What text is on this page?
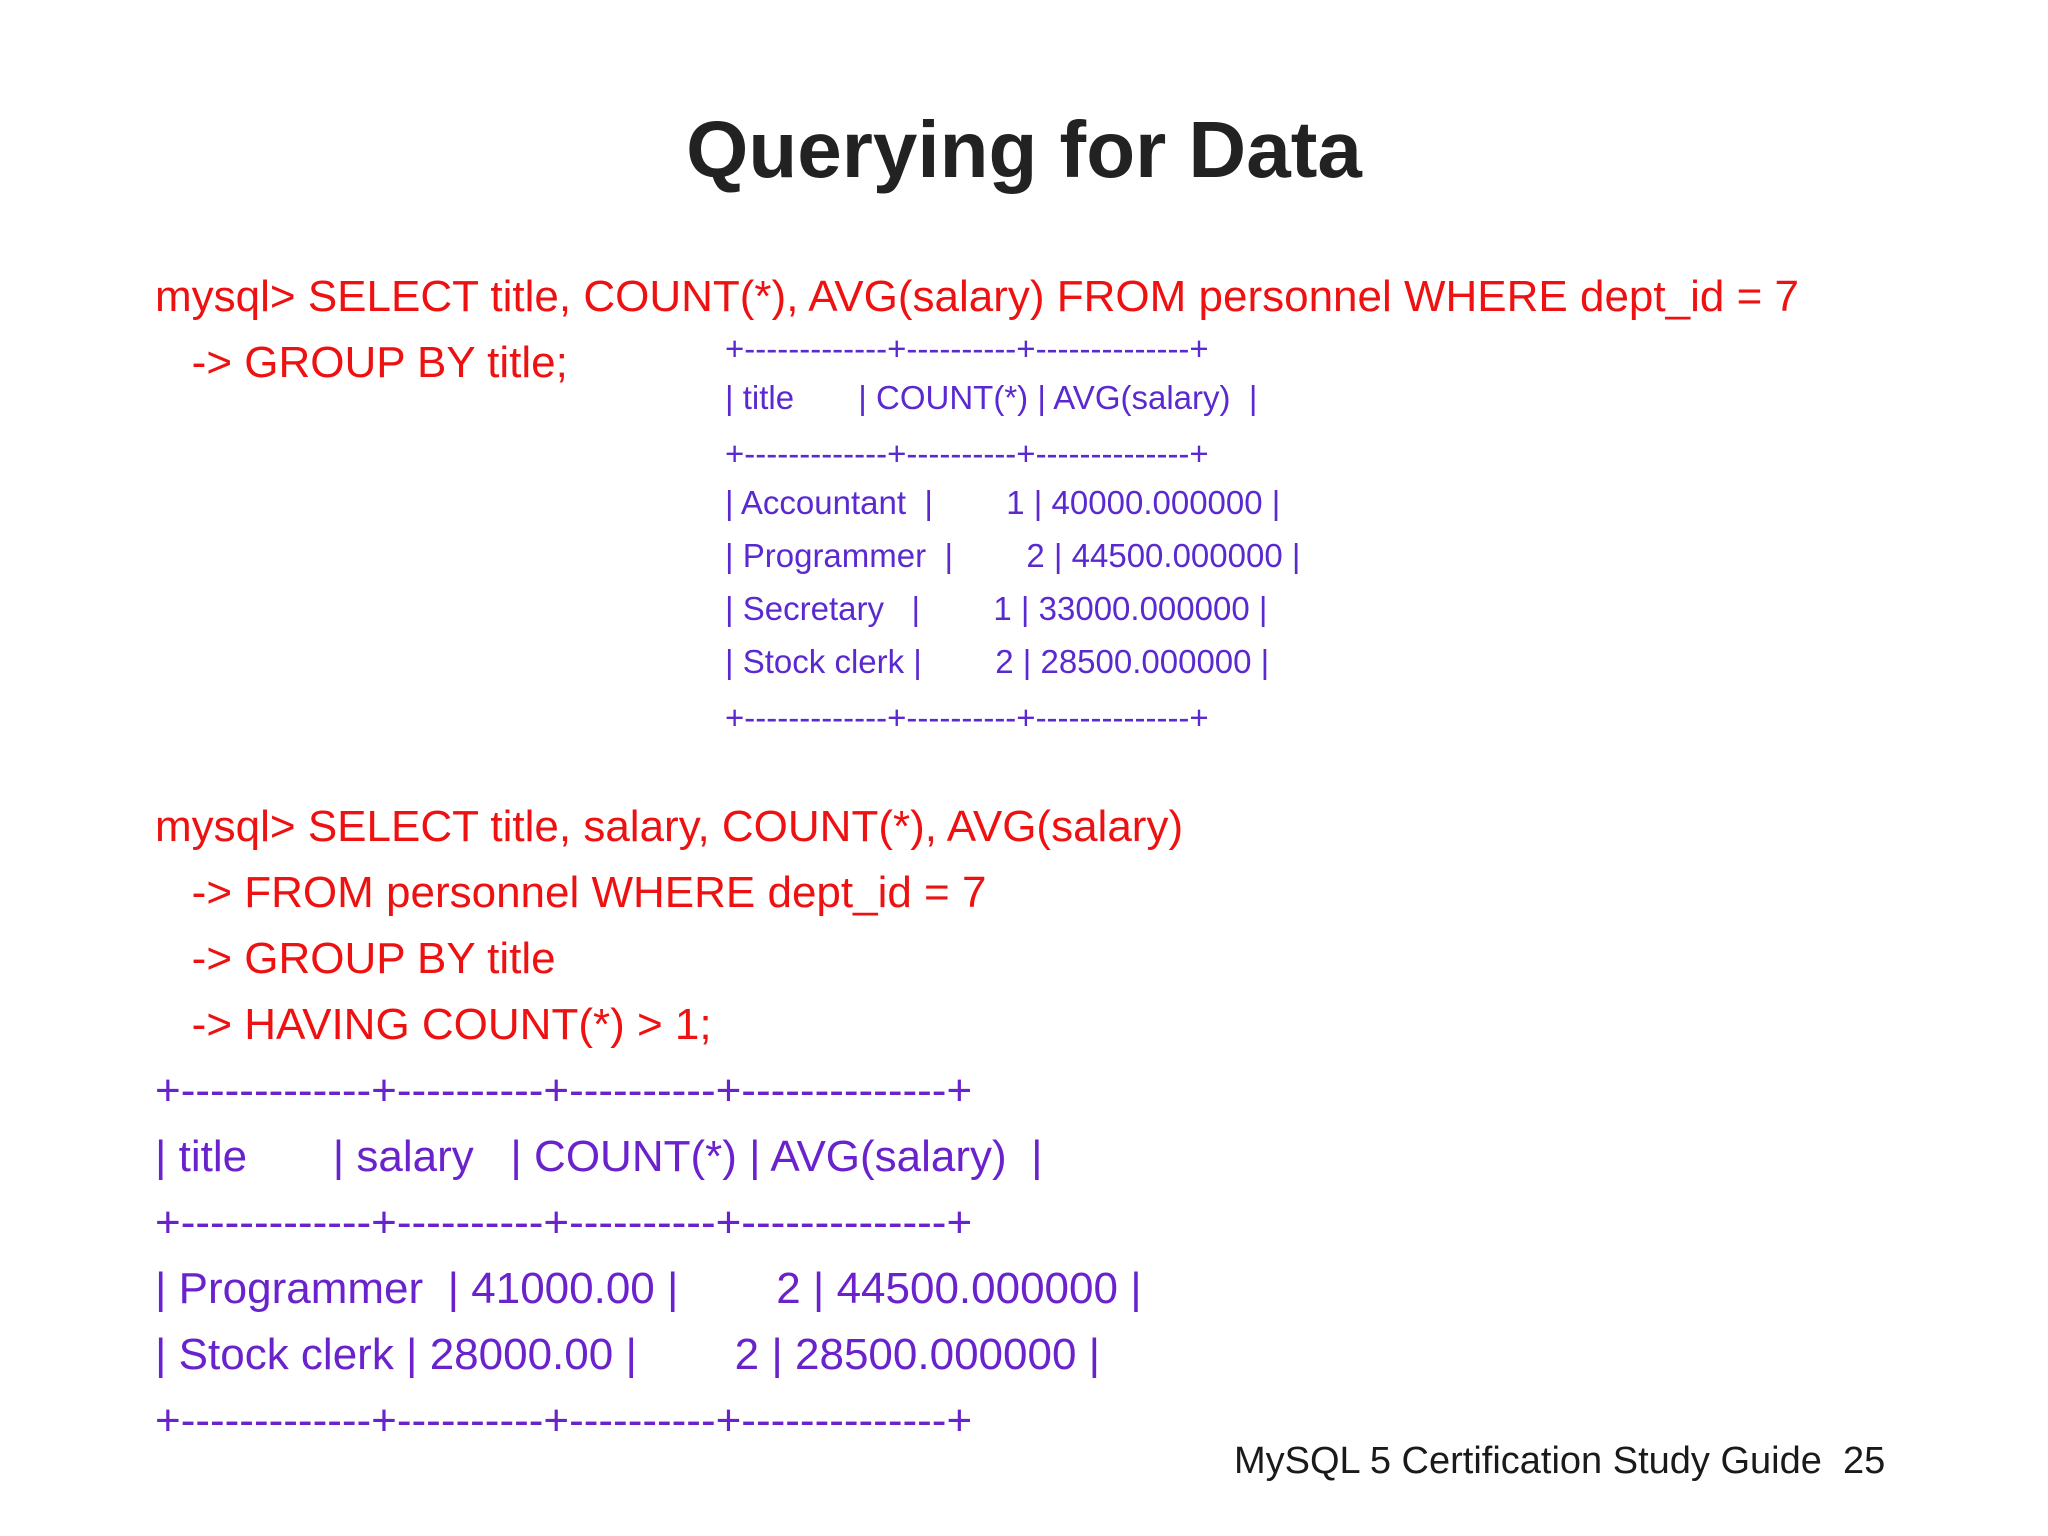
Querying for Data
mysql> SELECT title, COUNT(*), AVG(salary) FROM personnel WHERE dept_id = 7
-> GROUP BY title;	+-------------+----------+--------------+
| title       | COUNT(*) | AVG(salary)  |
+-------------+----------+--------------+
| Accountant  |        1 | 40000.000000 |
| Programmer  |        2 | 44500.000000 |
| Secretary   |        1 | 33000.000000 |
| Stock clerk |        2 | 28500.000000 |
+-------------+----------+--------------+
mysql> SELECT title, salary, COUNT(*), AVG(salary)
-> FROM personnel WHERE dept_id = 7
-> GROUP BY title
-> HAVING COUNT(*) > 1;
+-------------+----------+----------+--------------+
| title       | salary   | COUNT(*) | AVG(salary)  |
+-------------+----------+----------+--------------+
| Programmer  | 41000.00 |        2 | 44500.000000 |
| Stock clerk | 28000.00 |        2 | 28500.000000 |
+-------------+----------+----------+--------------+
MySQL 5 Certification Study Guide  25
